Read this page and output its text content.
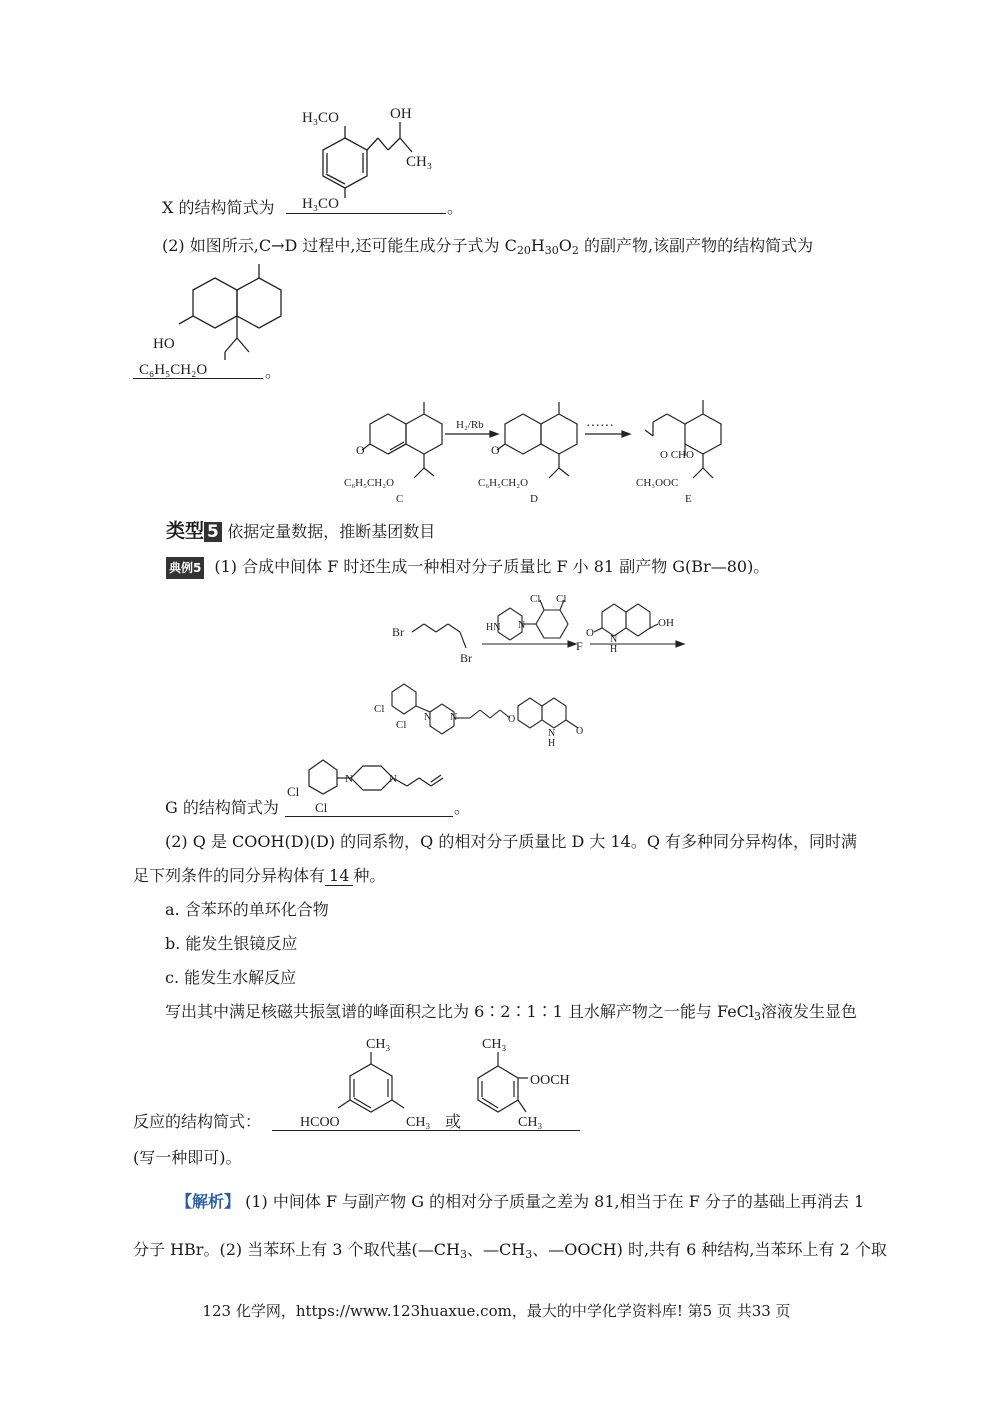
H₃CO	OH
CH₃
H₃CO
X 的结构简式为	。
(2) 如图所示,C→D 过程中,还可能生成分子式为 $C_{20}H_{30}O_2$ 的副产物,该副产物的结构简式为
HO
C₆H₅CH₂O	。
H₂/Rb
O
C₆H₅CH₂O
C
O
C₆H₅CH₂O
D
······
O CHO
CH₃OOC
E
类型 5 依据定量数据，推断基团数目
典例5 (1) 合成中间体 F 时还生成一种相对分子质量比 F 小 81 副产物 G(Br—80)。
Br
Br
HN N
Cl Cl
F
O
N
H
OH
Cl
Cl
N N	O
N
H
O
Cl
Cl
N	N
G 的结构简式为	。
(2) Q 是 COOH(D)(D) 的同系物，Q 的相对分子质量比 D 大 14。Q 有多种同分异构体，同时满
足下列条件的同分异构体有 14 种。
a. 含苯环的单环化合物
b. 能发生银镜反应
c. 能发生水解反应
写出其中满足核磁共振氢谱的峰面积之比为 6∶2∶1∶1 且水解产物之一能与 FeCl$_3$溶液发生显色
CH₃
HCOO	CH₃
CH₃
OOCH
CH₃
反应的结构简式：	或
(写一种即可)。
【解析】 (1) 中间体 F 与副产物 G 的相对分子质量之差为 81,相当于在 F 分子的基础上再消去 1
分子 HBr。(2) 当苯环上有 3 个取代基($—CH_3$、$—CH_3$、—OOCH) 时,共有 6 种结构,当苯环上有 2 个取
123 化学网，https://www.123huaxue.com，最大的中学化学资料库! 第5 页 共33 页
